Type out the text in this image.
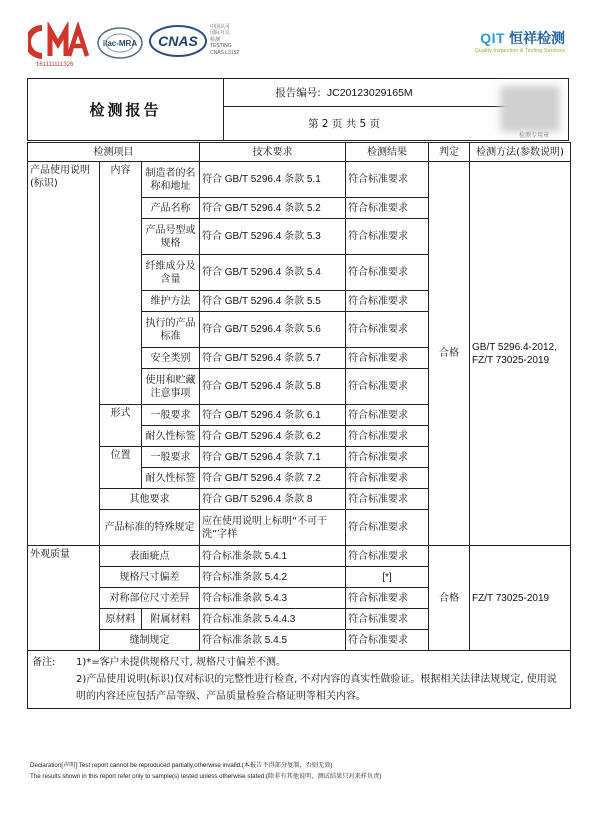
161111111326
ilac-MRA CNAS
中国认可
国际互认
检测
TESTING
CNAS L3152
QIT 恒祥检测
Quality Inspection & Testing Services
检测报告
报告编号: JC20123029165M
第 2 页 共 5 页
检测专用章
检测项目			技术要求	检测结果	判定	检测方法(参数说明)
产品使用说明(标识)	内容	制造者的名称和地址	符合 GB/T 5296.4 条款 5.1	符合标准要求	合格	GB/T 5296.4-2012, FZ/T 73025-2019
		产品名称	符合 GB/T 5296.4 条款 5.2	符合标准要求		
		产品号型或规格	符合 GB/T 5296.4 条款 5.3	符合标准要求		
		纤维成分及含量	符合 GB/T 5296.4 条款 5.4	符合标准要求		
		维护方法	符合 GB/T 5296.4 条款 5.5	符合标准要求		
		执行的产品标准	符合 GB/T 5296.4 条款 5.6	符合标准要求		
		安全类别	符合 GB/T 5296.4 条款 5.7	符合标准要求		
		使用和贮藏注意事项	符合 GB/T 5296.4 条款 5.8	符合标准要求		
	形式	一般要求	符合 GB/T 5296.4 条款 6.1	符合标准要求		
		耐久性标签	符合 GB/T 5296.4 条款 6.2	符合标准要求		
	位置	一般要求	符合 GB/T 5296.4 条款 7.1	符合标准要求		
		耐久性标签	符合 GB/T 5296.4 条款 7.2	符合标准要求		
	其他要求		符合 GB/T 5296.4 条款 8	符合标准要求		
	产品标准的特殊规定		应在使用说明上标明“不可干洗”字样	符合标准要求		
外观质量	表面疵点		符合标准条款 5.4.1	符合标准要求	合格	FZ/T 73025-2019
	规格尺寸偏差		符合标准条款 5.4.2	[*]		
	对称部位尺寸差异		符合标准条款 5.4.3	符合标准要求		
	原材料	附属材料	符合标准条款 5.4.4.3	符合标准要求		
	缝制规定		符合标准条款 5.4.5	符合标准要求		

备注: 1)*=客户未提供规格尺寸, 规格尺寸偏差不测。
2)产品使用说明(标识)仅对标识的完整性进行检查, 不对内容的真实性做验证。根据相关法律法规规定, 使用说明的内容还应包括产品等级、产品质量检验合格证明等相关内容。						
Declaration[声明]:Test report cannot be reproduced partially,otherwise invalid.(本报告不得部分复制，否则无效)
The results shown in this report refer only to sample(s) tested unless otherwise stated.(除非有其他说明，测试结果只对来样负责)
